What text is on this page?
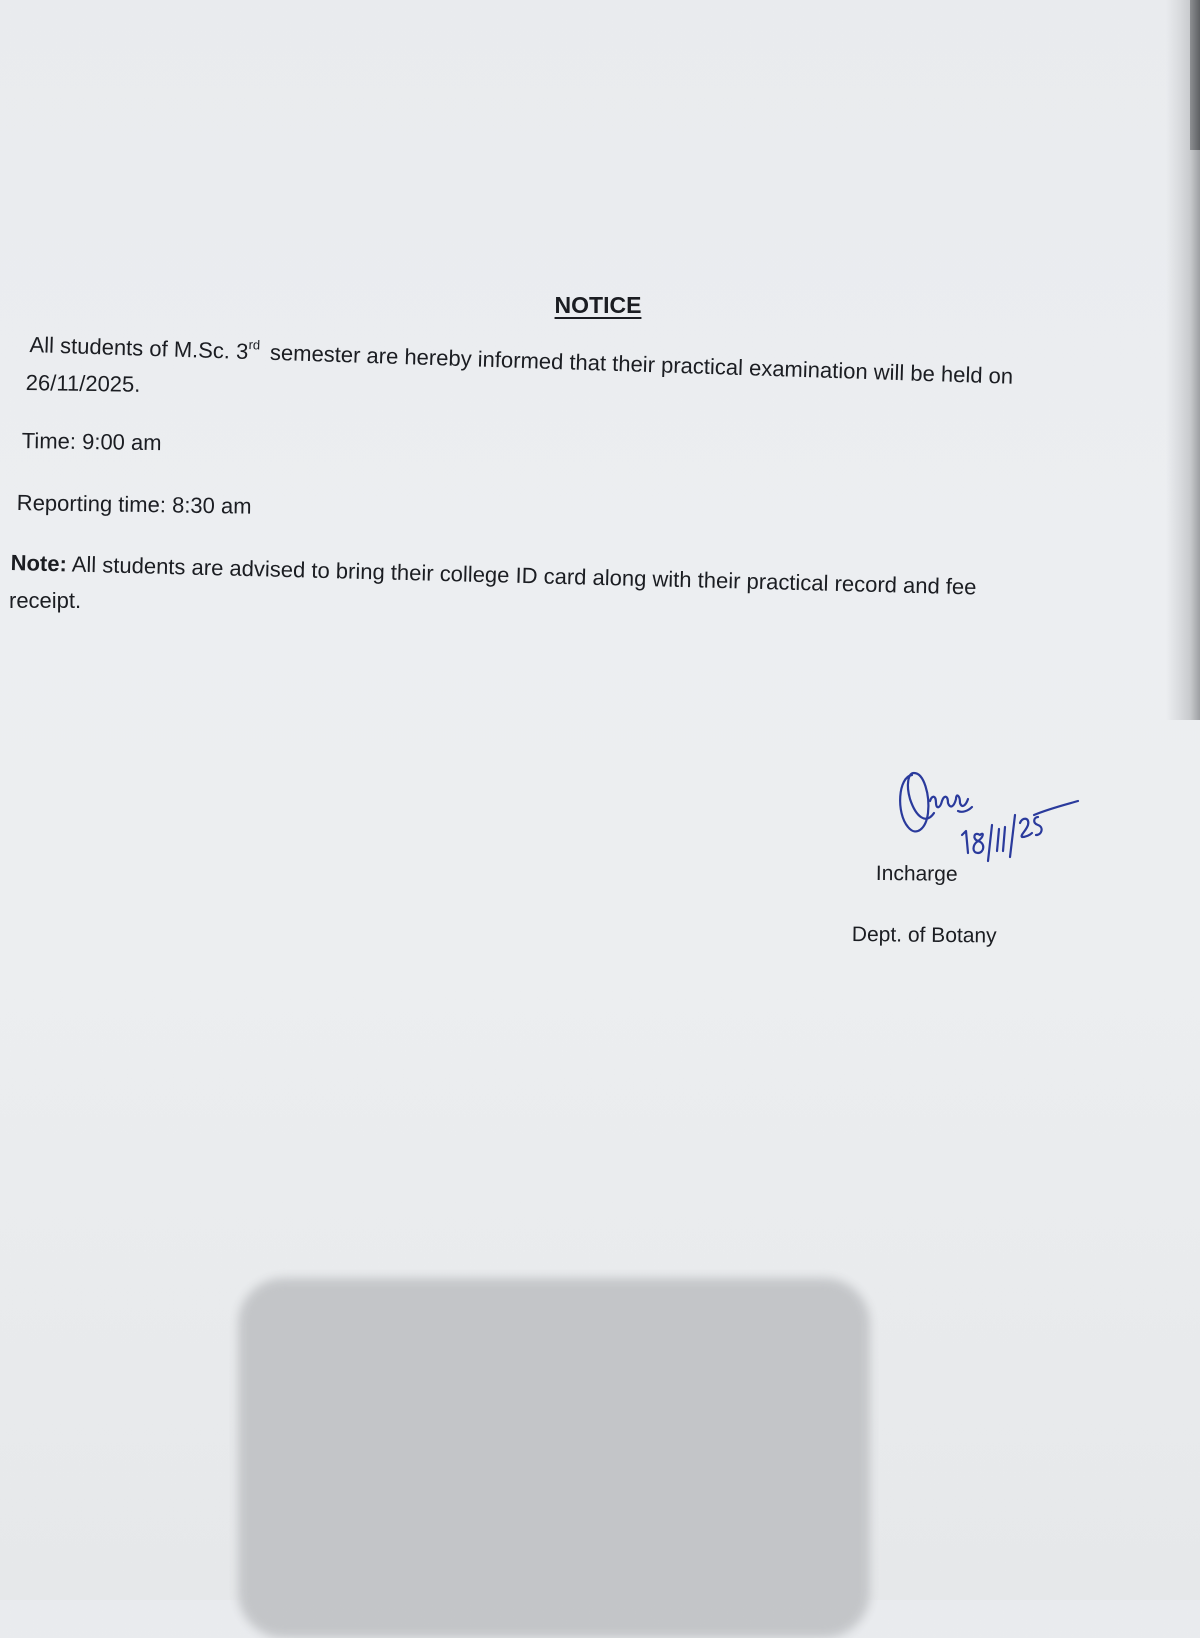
NOTICE
All students of M.Sc. 3rd semester are hereby informed that their practical examination will be held on
26/11/2025.
Time: 9:00 am
Reporting time: 8:30 am
Note: All students are advised to bring their college ID card along with their practical record and fee
receipt.
Incharge
Dept. of Botany
